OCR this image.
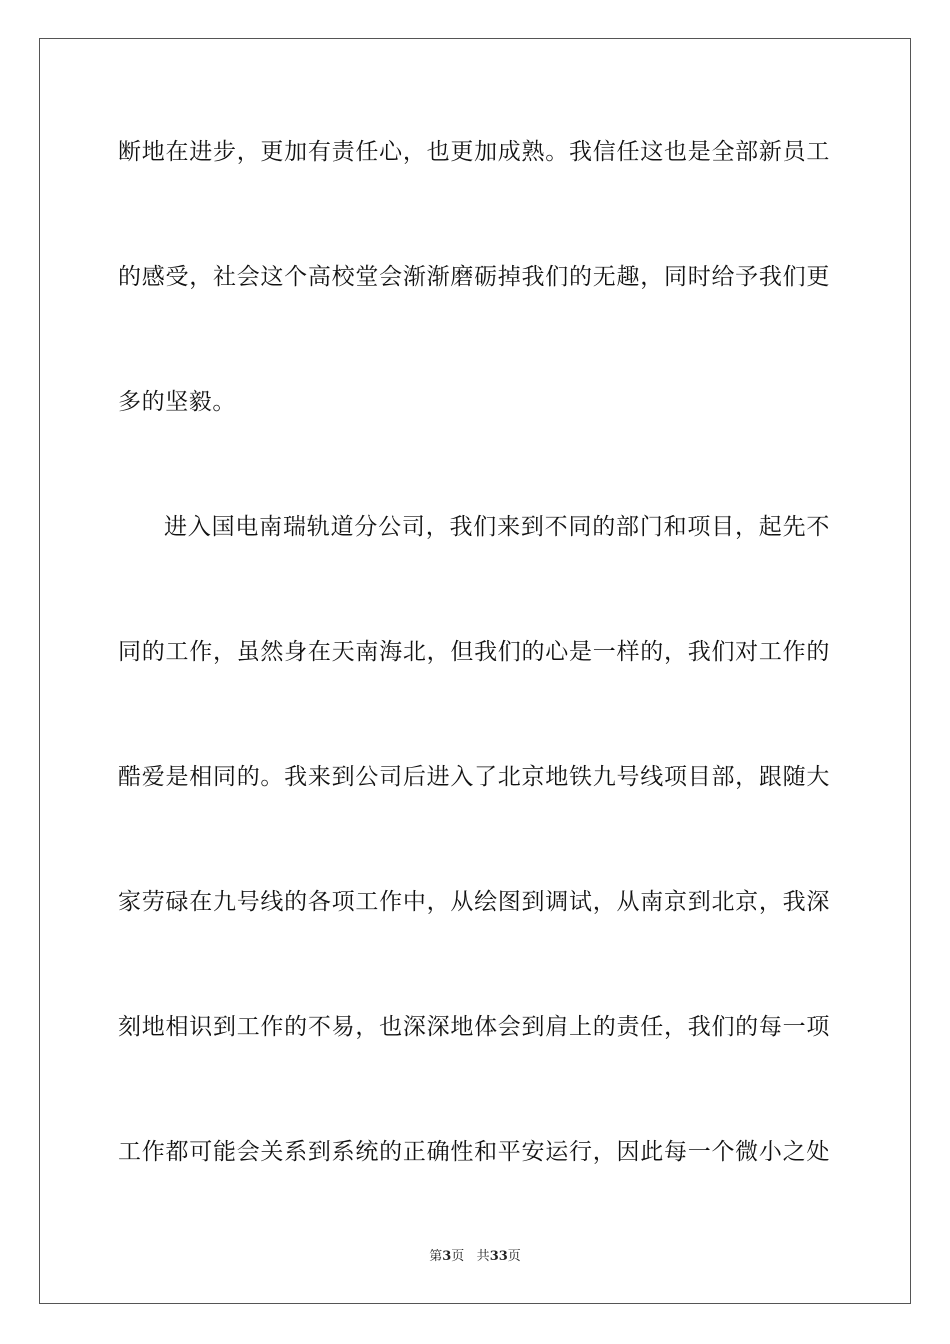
断地在进步，更加有责任心，也更加成熟。我信任这也是全部新员工
的感受，社会这个高校堂会渐渐磨砺掉我们的无趣，同时给予我们更
多的坚毅。
进入国电南瑞轨道分公司，我们来到不同的部门和项目，起先不
同的工作，虽然身在天南海北，但我们的心是一样的，我们对工作的
酷爱是相同的。我来到公司后进入了北京地铁九号线项目部，跟随大
家劳碌在九号线的各项工作中，从绘图到调试，从南京到北京，我深
刻地相识到工作的不易，也深深地体会到肩上的责任，我们的每一项
工作都可能会关系到系统的正确性和平安运行，因此每一个微小之处
第3页 共33页
